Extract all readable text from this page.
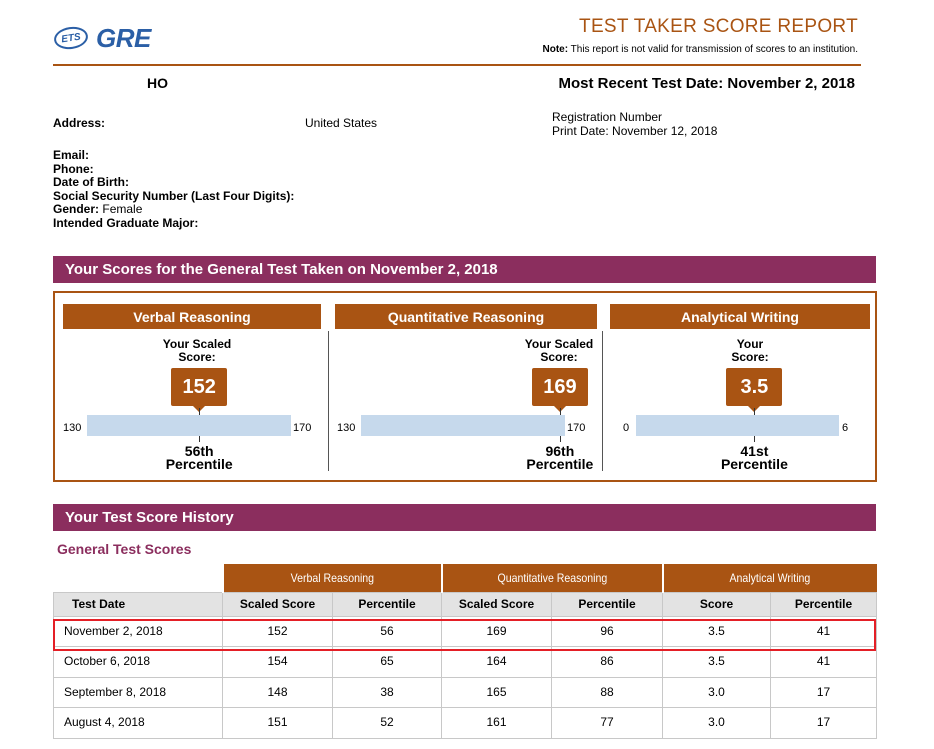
ETS GRE	TEST TAKER SCORE REPORT
Note: This report is not valid for transmission of scores to an institution.
HO	Most Recent Test Date: November 2, 2018
Address:	United States	Registration Number
Print Date: November 12, 2018
Email:
Phone:
Date of Birth:
Social Security Number (Last Four Digits):
Gender: Female
Intended Graduate Major:
Your Scores for the General Test Taken on November 2, 2018
Verbal Reasoning
Your Scaled
Score:
152
130	170
56th
Percentile
Quantitative Reasoning
Your Scaled
Score:
169
130	170
96th
Percentile
Analytical Writing
Your
Score:
3.5
0	6
41st
Percentile
Your Test Score History
General Test Scores
	Verbal Reasoning		Quantitative Reasoning		Analytical Writing	
Test Date	Scaled Score	Percentile	Scaled Score	Percentile	Score	Percentile
November 2, 2018	152	56	169	96	3.5	41
October 6, 2018	154	65	164	86	3.5	41
September 8, 2018	148	38	165	88	3.0	17
August 4, 2018	151	52	161	77	3.0	17
